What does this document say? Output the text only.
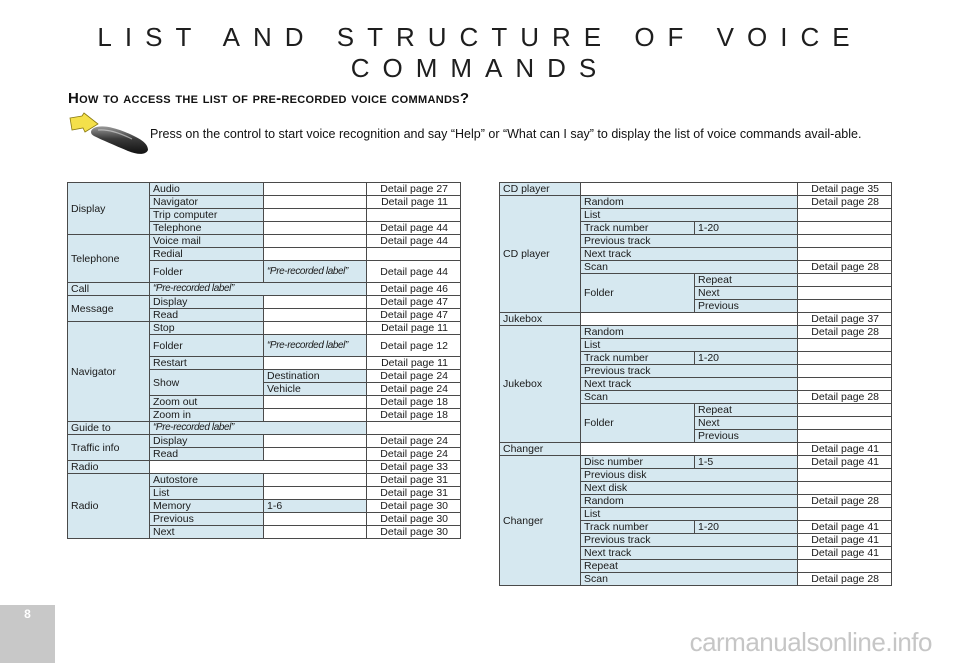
LIST AND STRUCTURE OF VOICE
COMMANDS
How to access the list of pre-recorded voice commands?
Press on the control to start voice recognition and say “Help” or “What can I say” to display the list of voice commands avail-able.
Display	Audio		Detail page 27
	Navigator		Detail page 11
	Trip computer		
	Telephone		Detail page 44
Telephone	Voice mail		Detail page 44
	Redial		
	Folder	“Pre-recorded label”	Detail page 44
Call	“Pre-recorded label”		Detail page 46
Message	Display		Detail page 47
	Read		Detail page 47
Navigator	Stop		Detail page 11
	Folder	“Pre-recorded label”	Detail page 12
	Restart		Detail page 11
	Show	Destination	Detail page 24
		Vehicle	Detail page 24
	Zoom out		Detail page 18
	Zoom in		Detail page 18
Guide to	“Pre-recorded label”		
Traffic info	Display		Detail page 24
	Read		Detail page 24
Radio			Detail page 33
Radio	Autostore		Detail page 31
	List		Detail page 31
	Memory	1-6	Detail page 30
	Previous		Detail page 30
	Next		Detail page 30
CD player			Detail page 35
CD player	Random		Detail page 28
	List		
	Track number	1-20	
	Previous track		
	Next track		
	Scan		Detail page 28
	Folder	Repeat	
		Next	
		Previous	
Jukebox			Detail page 37
Jukebox	Random		Detail page 28
	List		
	Track number	1-20	
	Previous track		
	Next track		
	Scan		Detail page 28
	Folder	Repeat	
		Next	
		Previous	
Changer			Detail page 41
Changer	Disc number	1-5	Detail page 41
	Previous disk		
	Next disk		
	Random		Detail page 28
	List		
	Track number	1-20	Detail page 41
	Previous track		Detail page 41
	Next track		Detail page 41
	Repeat		
	Scan		Detail page 28
8
carmanualsonline.info
